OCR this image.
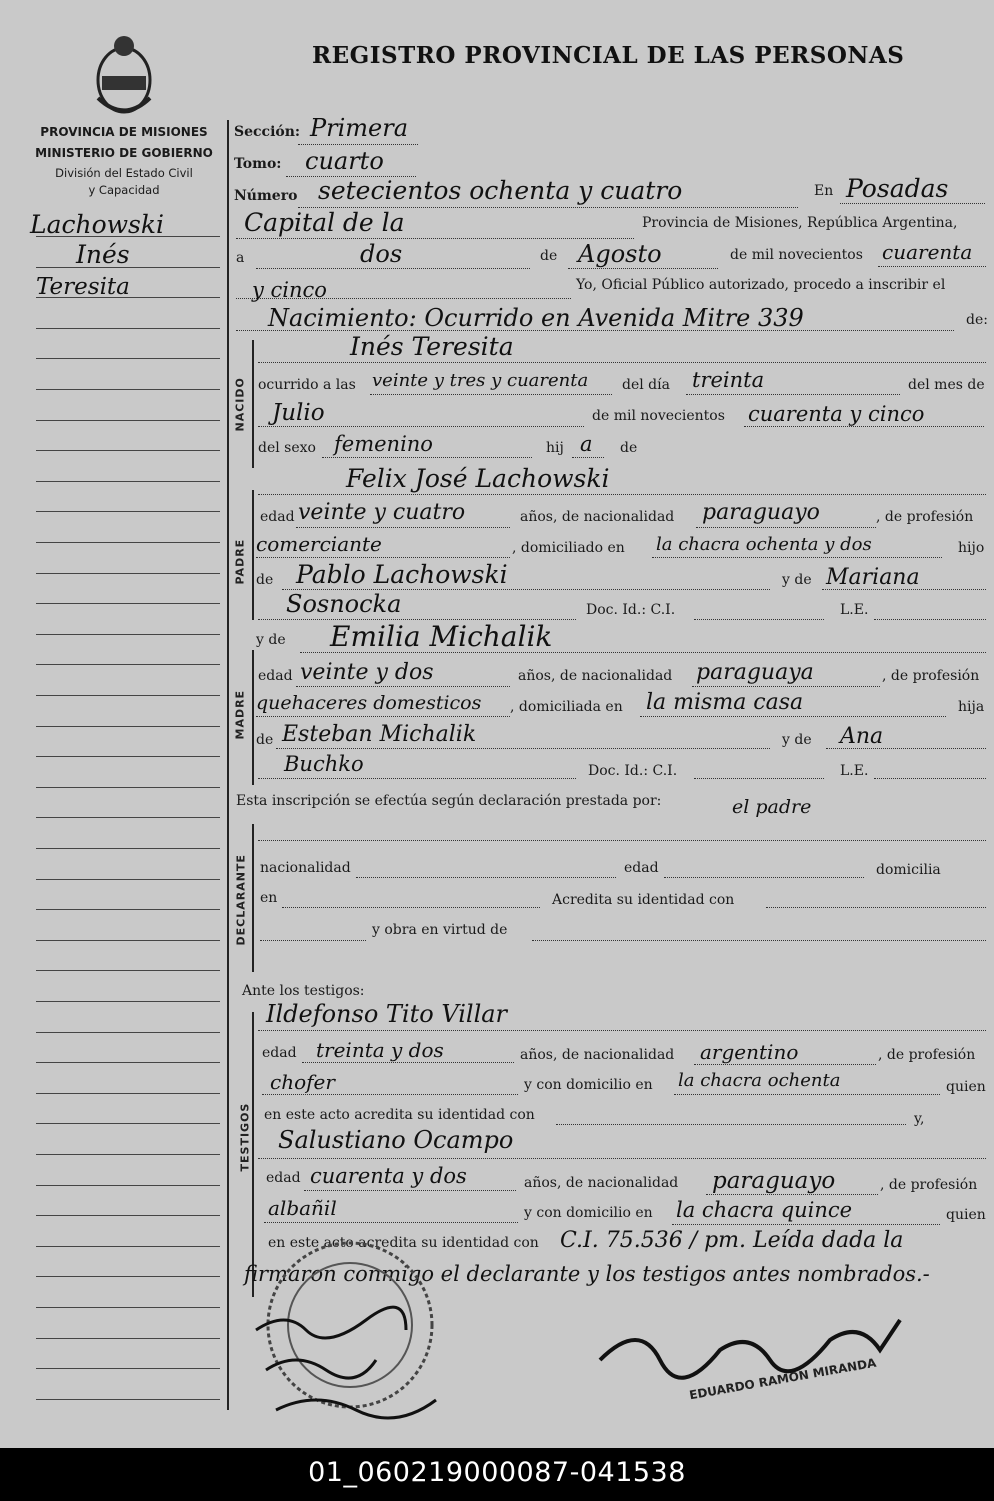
REGISTRO PROVINCIAL DE LAS PERSONAS
PROVINCIA DE MISIONES
MINISTERIO DE GOBIERNO
División del Estado Civil
y Capacidad
Lachowski
Inés
Teresita
Sección: Primera
Tomo: cuarto
Número setecientos ochenta y cuatro	En Posadas
Capital de la	Provincia de Misiones, República Argentina,
a	dos	de Agosto	de mil novecientos cuarenta
y cinco	Yo, Oficial Público autorizado, procedo a inscribir el
Nacimiento: Ocurrido en Avenida Mitre 339	de:
NACIDO
Inés Teresita
ocurrido a las veinte y tres y cuarenta del día treinta	del mes de
Julio	de mil novecientos cuarenta y cinco
del sexo femenino	hij a de
PADRE
Felix José Lachowski
edad veinte y cuatro	años, de nacionalidad paraguayo	, de profesión
comerciante	, domiciliado en la chacra ochenta y dos	hijo
de Pablo Lachowski	y de Mariana
Sosnocka	Doc. Id.: C.I.	L.E.
MADRE
y de Emilia Michalik
edad veinte y dos	años, de nacionalidad paraguaya	, de profesión
quehaceres domesticos , domiciliada en la misma casa	hija
de Esteban Michalik	y de Ana
Buchko	Doc. Id.: C.I.	L.E.
Esta inscripción se efectúa según declaración prestada por:	el padre
DECLARANTE nacionalidad	edad	domicilia
en	Acredita su identidad con
y obra en virtud de
Ante los testigos:
TESTIGOS
Ildefonso Tito Villar
edad treinta y dos	años, de nacionalidad argentino	, de profesión
chofer	y con domicilio en la chacra ochenta	quien
en este acto acredita su identidad con	y,
Salustiano Ocampo
edad cuarenta y dos	años, de nacionalidad paraguayo	, de profesión
albañil	y con domicilio en la chacra quince	quien
en este acto acredita su identidad con C.I. 75.536 / pm. Leída dada la
firmaron conmigo el declarante y los testigos antes nombrados.-
EDUARDO RAMON MIRANDA
01_060219000087-041538
